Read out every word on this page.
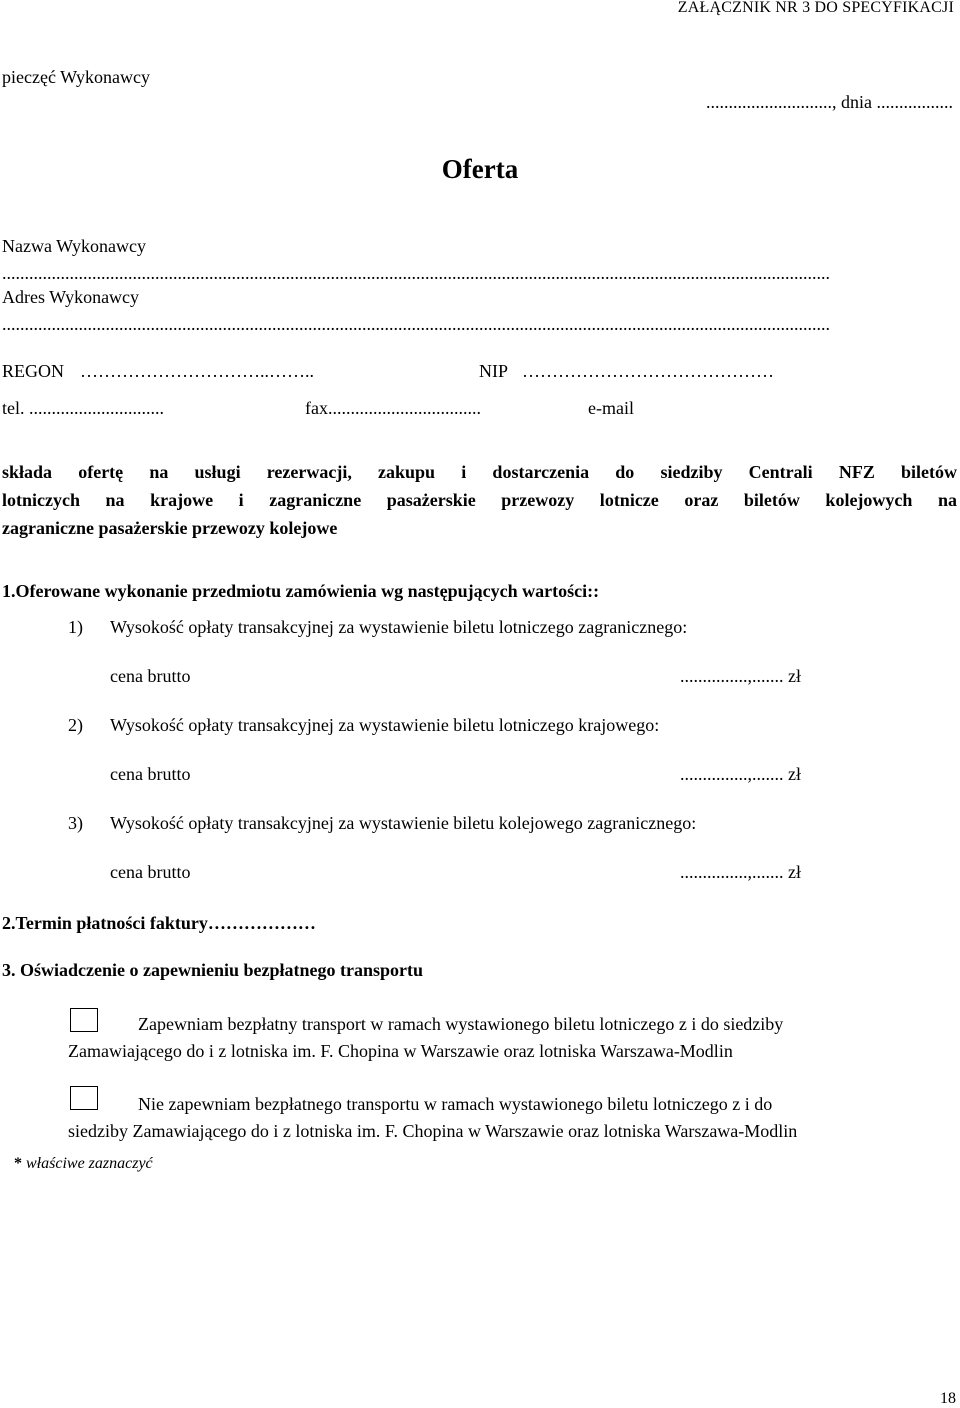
ZAŁĄCZNIK NR 3 DO SPECYFIKACJI
pieczęć Wykonawcy
............................, dnia .................
Oferta
Nazwa Wykonawcy
........................................................................................................................................................................................
Adres Wykonawcy
........................................................................................................................................................................................
REGON …………………………..……..	NIP ……………………………………
tel. ..............................	fax..................................	e-mail
składa ofertę na usługi rezerwacji, zakupu i dostarczenia do siedziby Centrali NFZ biletów
lotniczych na krajowe i zagraniczne pasażerskie przewozy lotnicze oraz biletów kolejowych na
zagraniczne pasażerskie przewozy kolejowe
1.Oferowane wykonanie przedmiotu zamówienia wg następujących wartości::
1) Wysokość opłaty transakcyjnej za wystawienie biletu lotniczego zagranicznego:
cena brutto	...............,....... zł
2) Wysokość opłaty transakcyjnej za wystawienie biletu lotniczego krajowego:
cena brutto	...............,....... zł
3) Wysokość opłaty transakcyjnej za wystawienie biletu kolejowego zagranicznego:
cena brutto	...............,....... zł
2.Termin płatności faktury………………
3. Oświadczenie o zapewnieniu bezpłatnego transportu
Zapewniam bezpłatny transport w ramach wystawionego biletu lotniczego z i do siedziby
Zamawiającego do i z lotniska im. F. Chopina w Warszawie oraz lotniska Warszawa-Modlin
Nie zapewniam bezpłatnego transportu w ramach wystawionego biletu lotniczego z i do
siedziby Zamawiającego do i z lotniska im. F. Chopina w Warszawie oraz lotniska Warszawa-Modlin
* właściwe zaznaczyć
18
